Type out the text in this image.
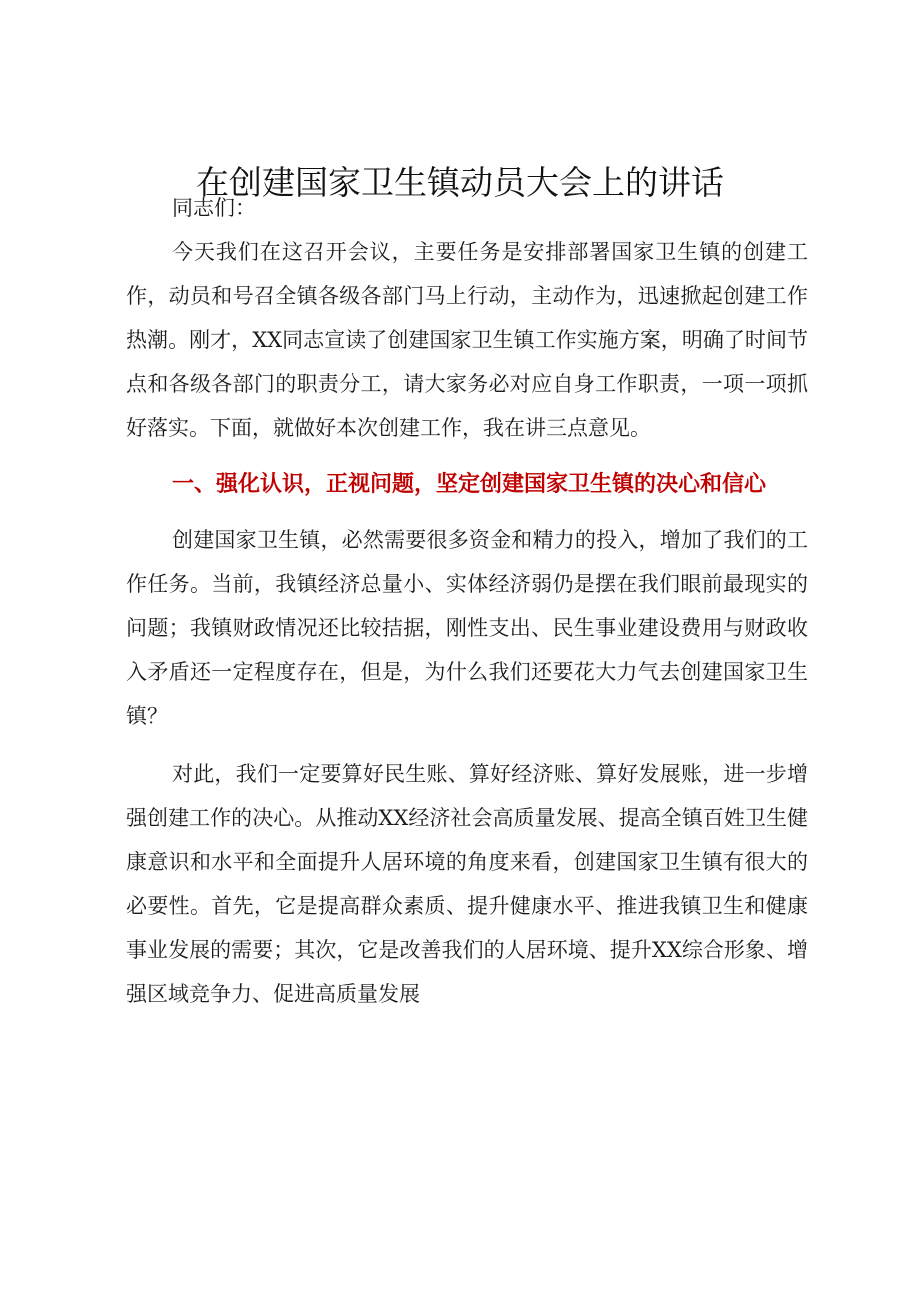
在创建国家卫生镇动员大会上的讲话

同志们：

今天我们在这召开会议，主要任务是安排部署国家卫生镇的创建工作，动员和号召全镇各级各部门马上行动，主动作为，迅速掀起创建工作热潮。刚才，XX同志宣读了创建国家卫生镇工作实施方案，明确了时间节点和各级各部门的职责分工，请大家务必对应自身工作职责，一项一项抓好落实。下面，就做好本次创建工作，我在讲三点意见。

一、强化认识，正视问题，坚定创建国家卫生镇的决心和信心

创建国家卫生镇，必然需要很多资金和精力的投入，增加了我们的工作任务。当前，我镇经济总量小、实体经济弱仍是摆在我们眼前最现实的问题；我镇财政情况还比较拮据，刚性支出、民生事业建设费用与财政收入矛盾还一定程度存在，但是，为什么我们还要花大力气去创建国家卫生镇？

对此，我们一定要算好民生账、算好经济账、算好发展账，进一步增强创建工作的决心。从推动XX经济社会高质量发展、提高全镇百姓卫生健康意识和水平和全面提升人居环境的角度来看，创建国家卫生镇有很大的必要性。首先，它是提高群众素质、提升健康水平、推进我镇卫生和健康事业发展的需要；其次，它是改善我们的人居环境、提升XX综合形象、增强区域竞争力、促进高质量发展
